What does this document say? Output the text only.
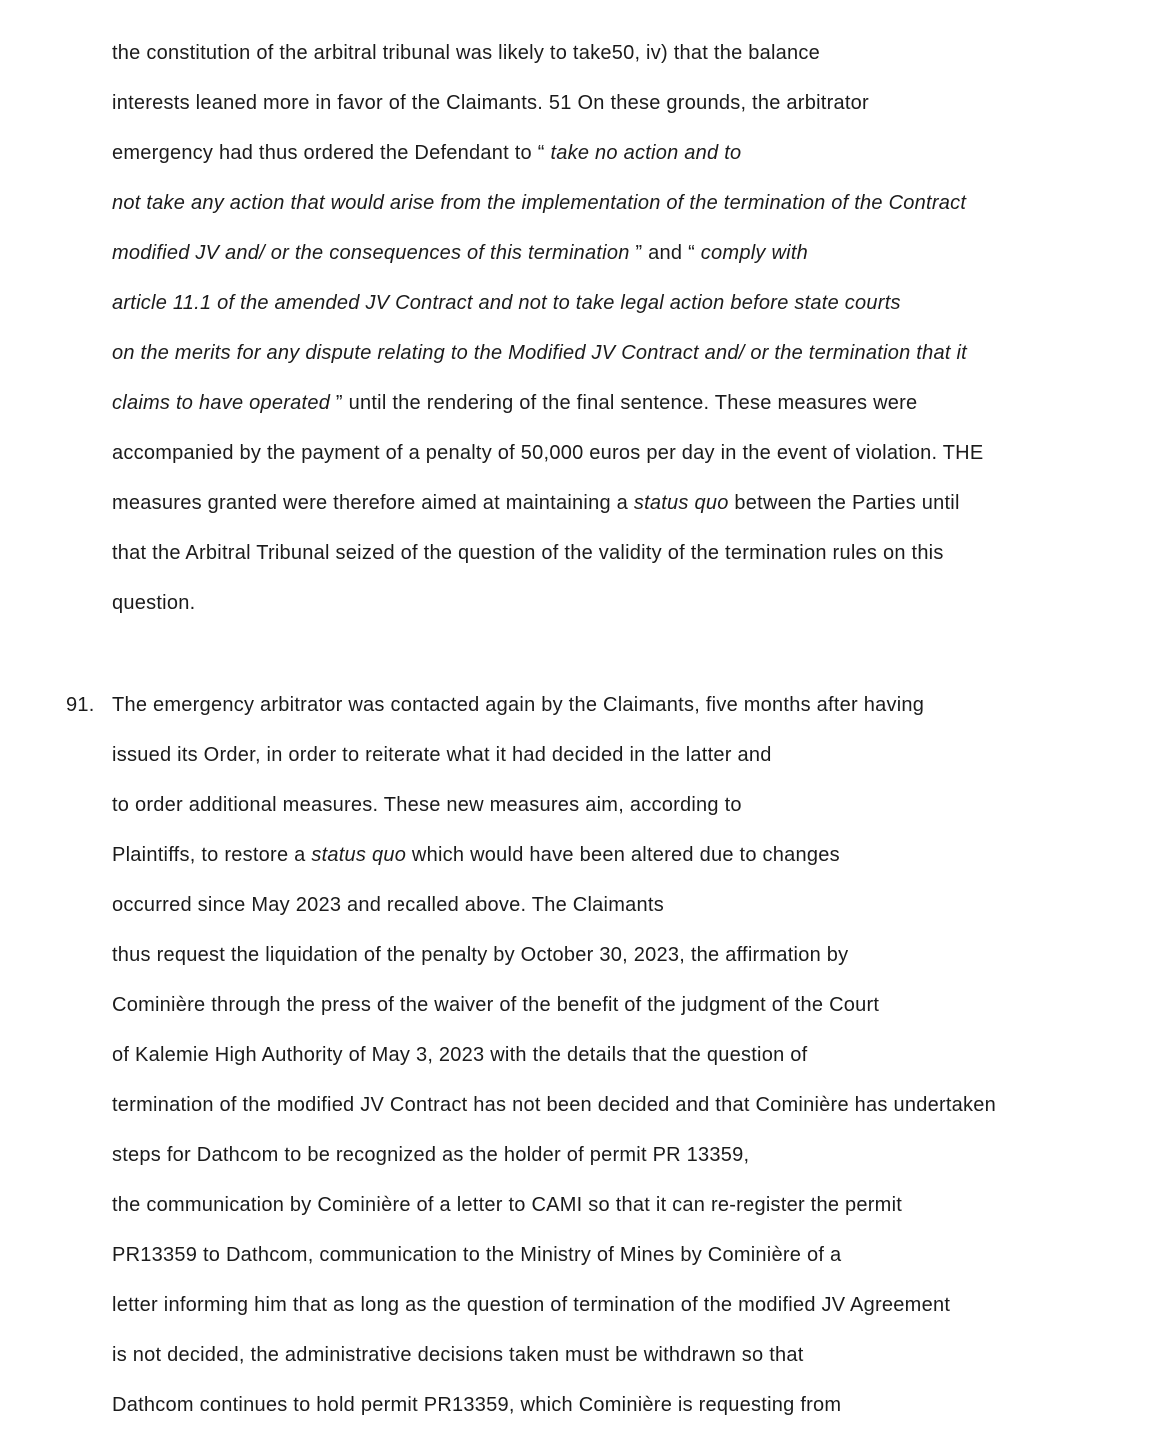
the constitution of the arbitral tribunal was likely to take50, iv) that the balance
interests leaned more in favor of the Claimants. 51 On these grounds, the arbitrator
emergency had thus ordered the Defendant to “ take no action and to
not take any action that would arise from the implementation of the termination of the Contract
modified JV and/ or the consequences of this termination ” and “ comply with
article 11.1 of the amended JV Contract and not to take legal action before state courts
on the merits for any dispute relating to the Modified JV Contract and/ or the termination that it
claims to have operated ” until the rendering of the final sentence. These measures were
accompanied by the payment of a penalty of 50,000 euros per day in the event of violation. THE
measures granted were therefore aimed at maintaining a status quo between the Parties until
that the Arbitral Tribunal seized of the question of the validity of the termination rules on this
question.
91. The emergency arbitrator was contacted again by the Claimants, five months after having
issued its Order, in order to reiterate what it had decided in the latter and
to order additional measures. These new measures aim, according to
Plaintiffs, to restore a status quo which would have been altered due to changes
occurred since May 2023 and recalled above. The Claimants
thus request the liquidation of the penalty by October 30, 2023, the affirmation by
Cominière through the press of the waiver of the benefit of the judgment of the Court
of Kalemie High Authority of May 3, 2023 with the details that the question of
termination of the modified JV Contract has not been decided and that Cominière has undertaken
steps for Dathcom to be recognized as the holder of permit PR 13359,
the communication by Cominière of a letter to CAMI so that it can re-register the permit
PR13359 to Dathcom, communication to the Ministry of Mines by Cominière of a
letter informing him that as long as the question of termination of the modified JV Agreement
is not decided, the administrative decisions taken must be withdrawn so that
Dathcom continues to hold permit PR13359, which Cominière is requesting from
